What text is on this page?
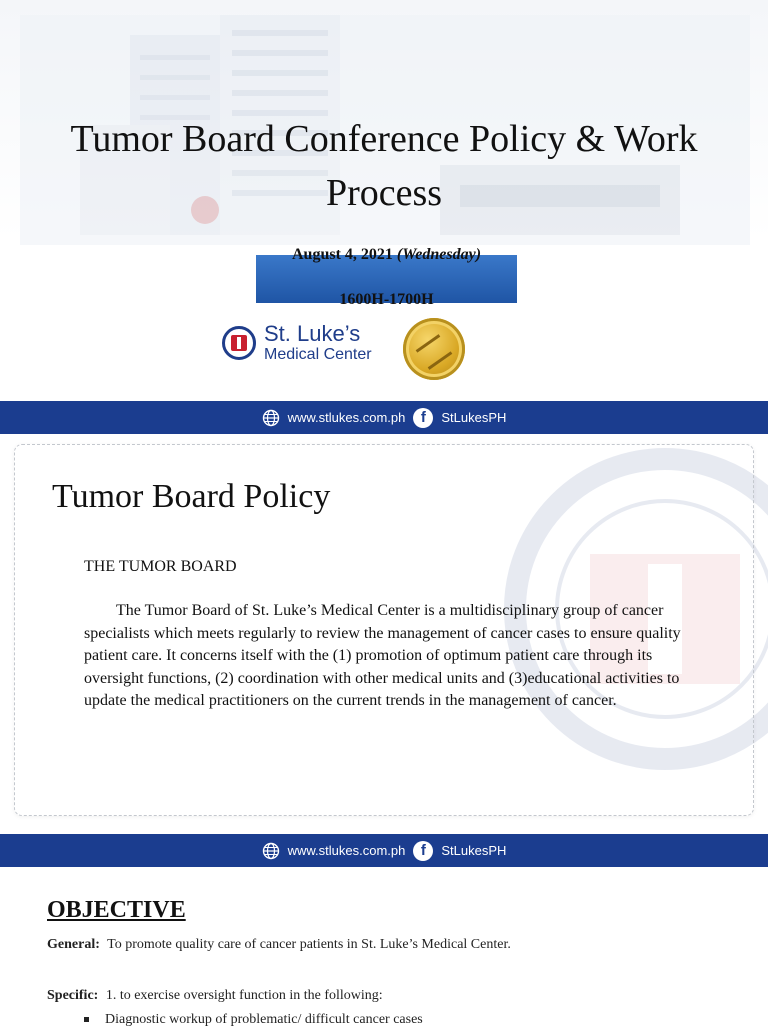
Tumor Board Conference Policy & Work Process
August 4, 2021 (Wednesday)
1600H-1700H
St. Luke’s
Medical Center
www.stlukes.com.ph	f	StLukesPH
Tumor Board Policy
THE TUMOR BOARD
The Tumor Board of St. Luke’s Medical Center is a multidisciplinary group of cancer specialists which meets regularly to review the management of cancer cases to ensure quality patient care. It concerns itself with the (1) promotion of optimum patient care through its oversight functions, (2) coordination with other medical units and (3)educational activities to update the medical practitioners on the current trends in the management of cancer.
www.stlukes.com.ph	f	StLukesPH
OBJECTIVE
General: To promote quality care of cancer patients in St. Luke’s Medical Center.
Specific: 1. to exercise oversight function in the following:
Diagnostic workup of problematic/ difficult cancer cases
